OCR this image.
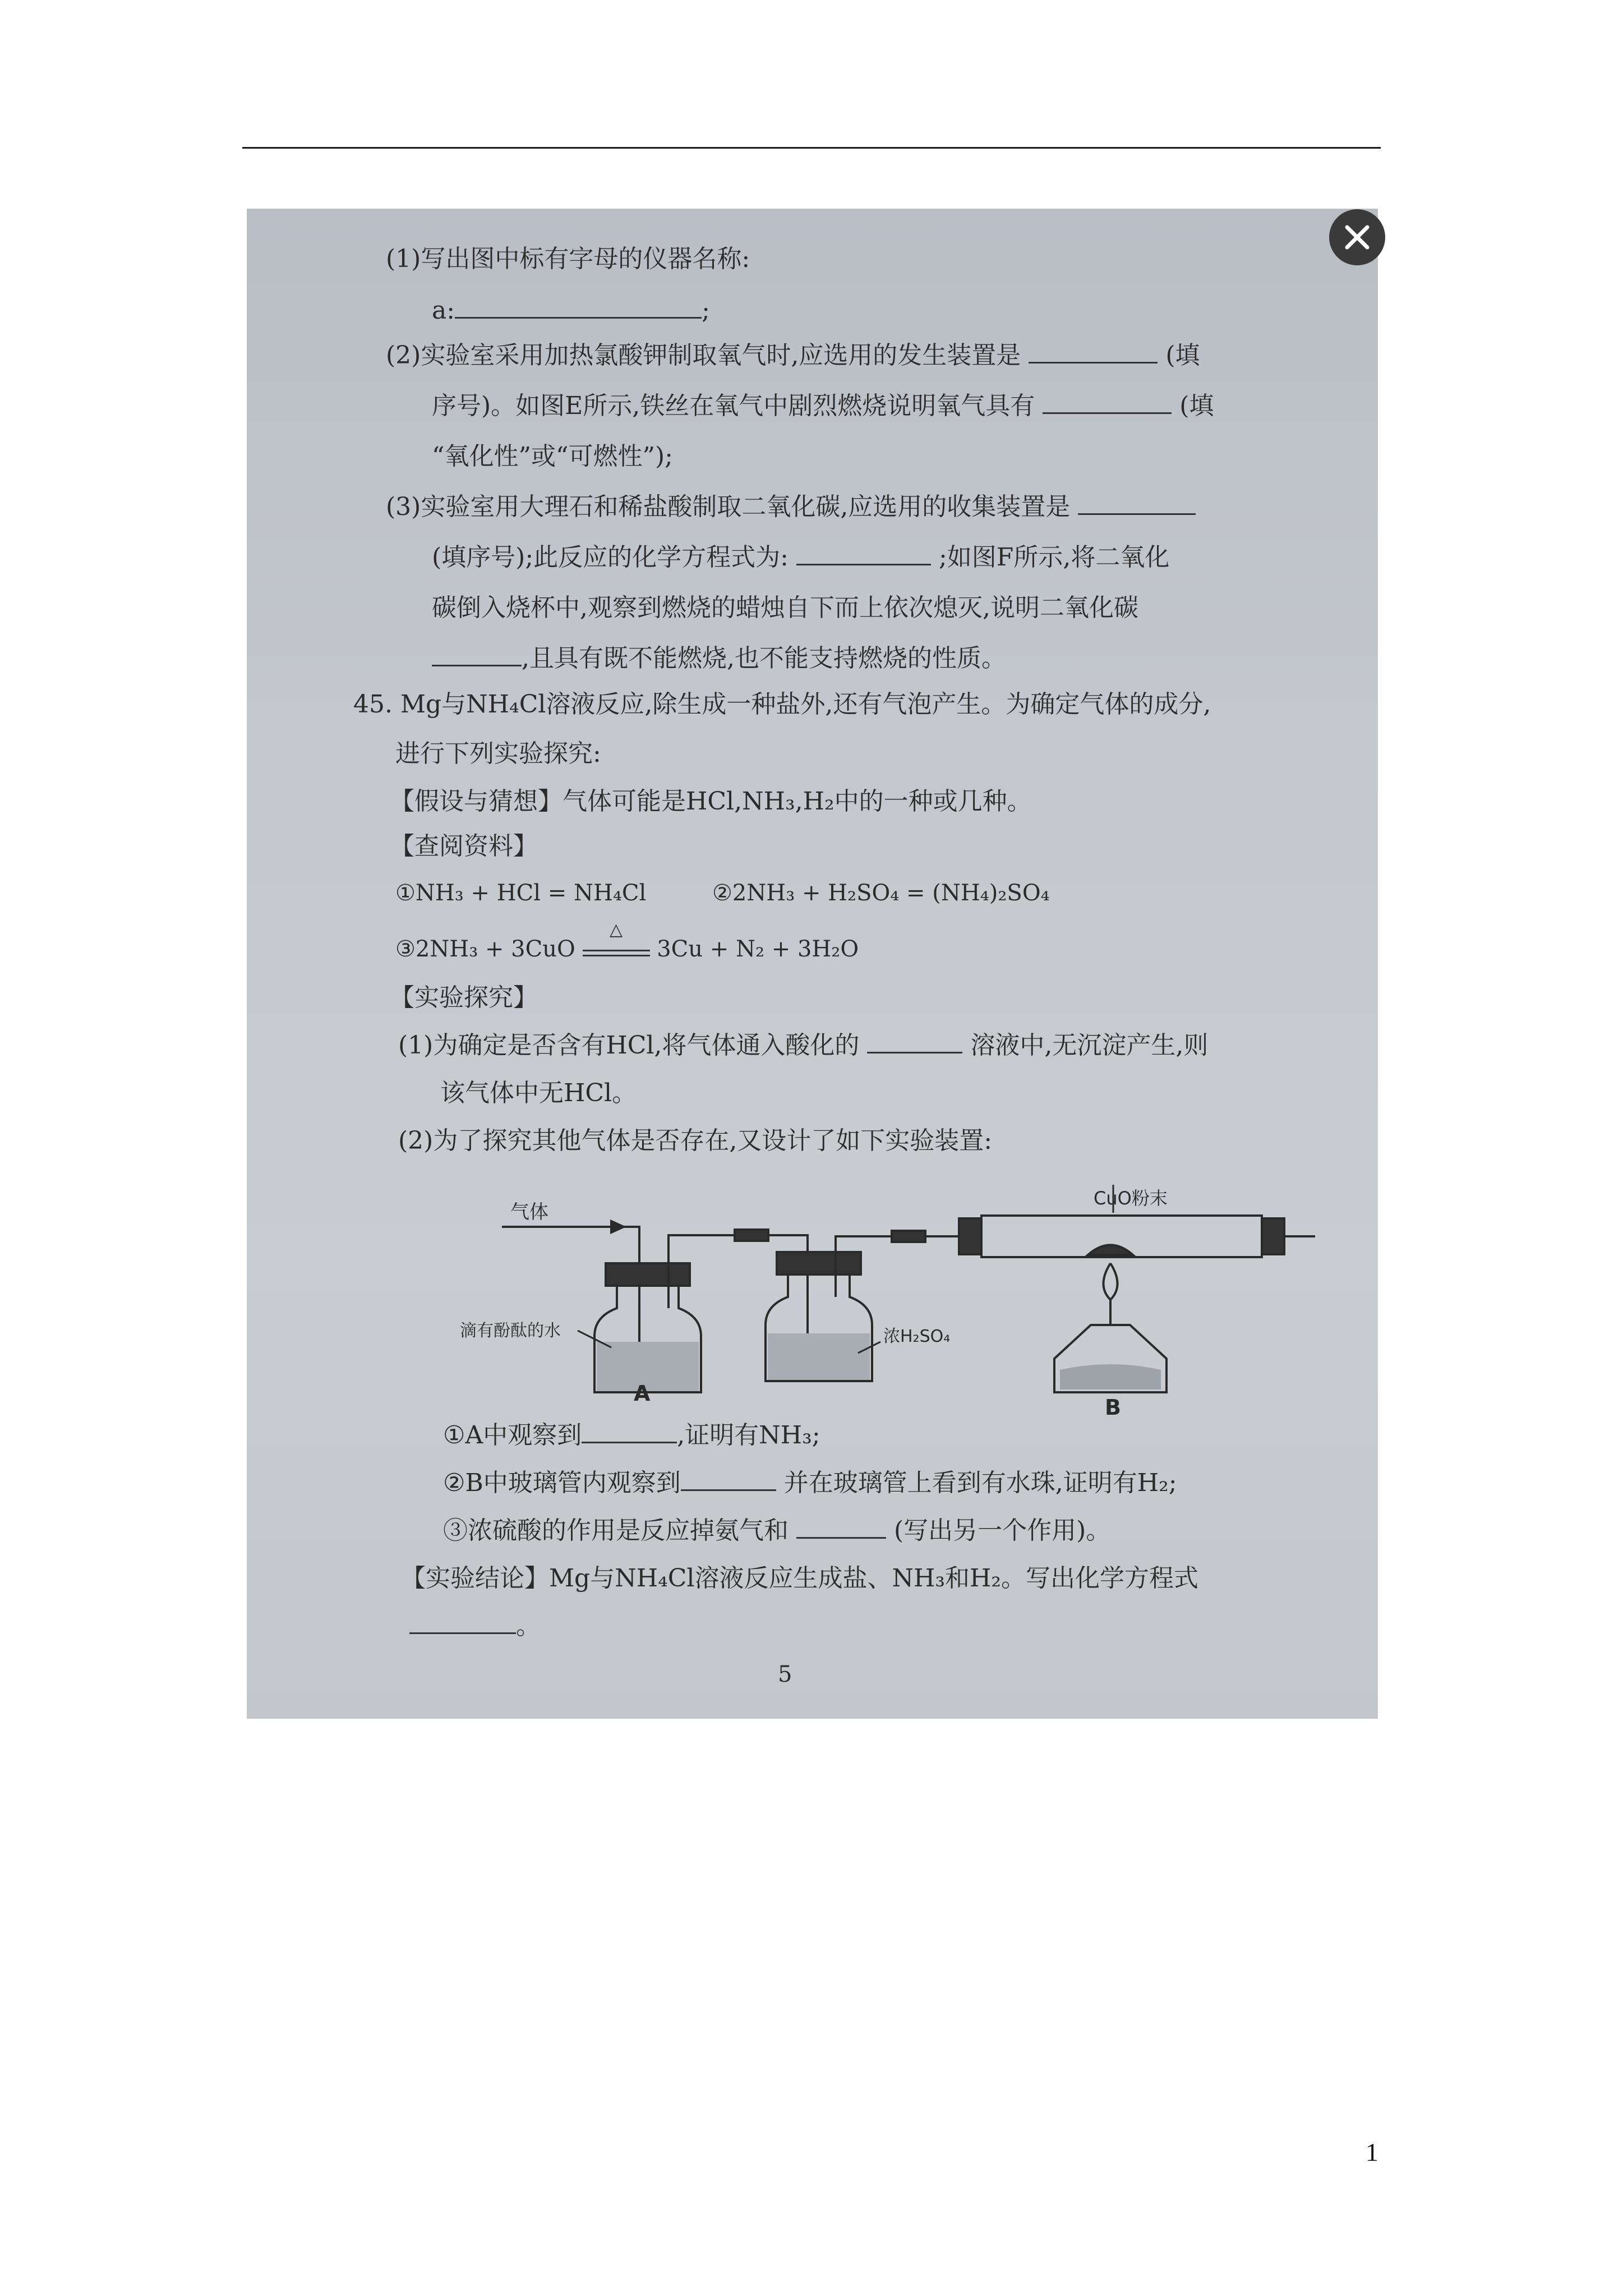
(1)写出图中标有字母的仪器名称:
a:	;
(2)实验室采用加热氯酸钾制取氧气时,应选用的发生装置是	(填
序号)。如图E所示,铁丝在氧气中剧烈燃烧说明氧气具有	(填
“氧化性”或“可燃性”);
(3)实验室用大理石和稀盐酸制取二氧化碳,应选用的收集装置是
(填序号);此反应的化学方程式为:	;如图F所示,将二氧化
碳倒入烧杯中,观察到燃烧的蜡烛自下而上依次熄灭,说明二氧化碳
,且具有既不能燃烧,也不能支持燃烧的性质。
45. Mg与NH₄Cl溶液反应,除生成一种盐外,还有气泡产生。为确定气体的成分,
进行下列实验探究:
【假设与猜想】气体可能是HCl,NH₃,H₂中的一种或几种。
【查阅资料】
①NH₃ + HCl = NH₄Cl	②2NH₃ + H₂SO₄ = (NH₄)₂SO₄
③2NH₃ + 3CuO
△
3Cu + N₂ + 3H₂O
【实验探究】
(1)为确定是否含有HCl,将气体通入酸化的	溶液中,无沉淀产生,则
该气体中无HCl。
(2)为了探究其他气体是否存在,又设计了如下实验装置:
气体
CuO粉末
滴有酚酞的水	浓H₂SO₄
A
B
①A中观察到	,证明有NH₃;
②B中玻璃管内观察到	并在玻璃管上看到有水珠,证明有H₂;
③浓硫酸的作用是反应掉氨气和	(写出另一个作用)。
【实验结论】Mg与NH₄Cl溶液反应生成盐、NH₃和H₂。写出化学方程式
。
5
1
